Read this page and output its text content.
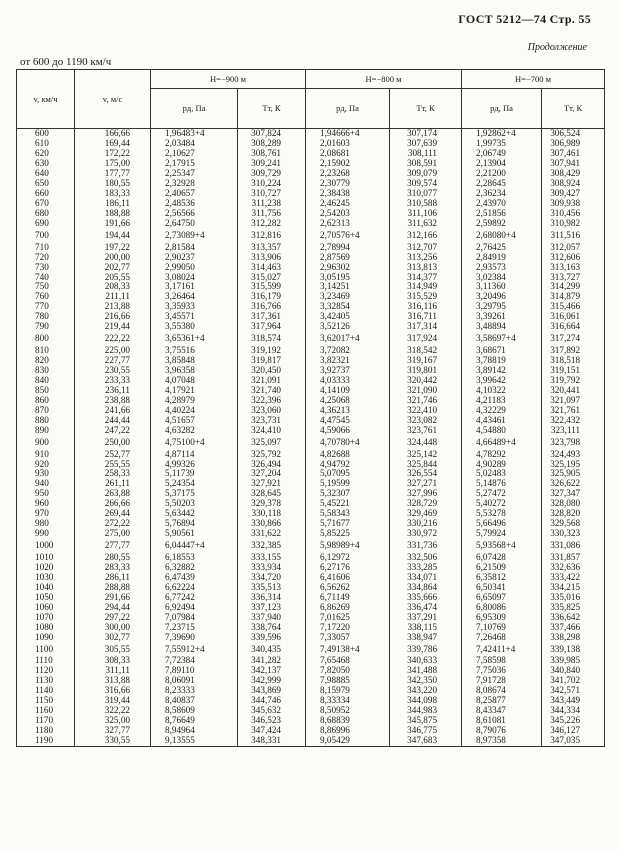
ГОСТ 5212—74 Стр. 55
Продолжение
от 600 до 1190 км/ч
v, км/ч	v, м/с	H=−900 м		H=−800 м		H=−700 м	
		pд, Па	Tт, К	pд, Па	Tт, К	pд, Па	Tт, К
600	166,66	1,96483+4	307,824	1,94666+4	307,174	1,92862+4	306,524
610	169,44	2,03484	308,289	2,01603	307,639	1,99735	306,989
620	172,22	2,10627	308,761	2,08681	308,111	2,06749	307,461
630	175,00	2,17915	309,241	2,15902	308,591	2,13904	307,941
640	177,77	2,25347	309,729	2,23268	309,079	2,21200	308,429
650	180,55	2,32928	310,224	2,30779	309,574	2,28645	308,924
660	183,33	2,40657	310,727	2,38438	310,077	2,36234	309,427
670	186,11	2,48536	311,238	2,46245	310,588	2,43970	309,938
680	188,88	2,56566	311,756	2,54203	311,106	2,51856	310,456
690	191,66	2,64750	312,282	2,62313	311,632	2,59892	310,982
700	194,44	2,73089+4	312,816	2,70576+4	312,166	2,68080+4	311,516
710	197,22	2,81584	313,357	2,78994	312,707	2,76425	312,057
720	200,00	2,90237	313,906	2,87569	313,256	2,84919	312,606
730	202,77	2,99050	314,463	2,96302	313,813	2,93573	313,163
740	205,55	3,08024	315,027	3,05195	314,377	3,02384	313,727
750	208,33	3,17161	315,599	3,14251	314,949	3,11360	314,299
760	211,11	3,26464	316,179	3,23469	315,529	3,20496	314,879
770	213,88	3,35933	316,766	3,32854	316,116	3,29795	315,466
780	216,66	3,45571	317,361	3,42405	316,711	3,39261	316,061
790	219,44	3,55380	317,964	3,52126	317,314	3,48894	316,664
800	222,22	3,65361+4	318,574	3,62017+4	317,924	3,58697+4	317,274
810	225,00	3,75516	319,192	3,72082	318,542	3,68671	317,892
820	227,77	3,85848	319,817	3,82321	319,167	3,78819	318,518
830	230,55	3,96358	320,450	3,92737	319,801	3,89142	319,151
840	233,33	4,07048	321,091	4,03333	320,442	3,99642	319,792
850	236,11	4,17921	321,740	4,14109	321,090	4,10322	320,441
860	238,88	4,28979	322,396	4,25068	321,746	4,21183	321,097
870	241,66	4,40224	323,060	4,36213	322,410	4,32229	321,761
880	244,44	4,51657	323,731	4,47545	323,082	4,43461	322,432
890	247,22	4,63282	324,410	4,59066	323,761	4,54880	323,111
900	250,00	4,75100+4	325,097	4,70780+4	324,448	4,66489+4	323,798
910	252,77	4,87114	325,792	4,82688	325,142	4,78292	324,493
920	255,55	4,99326	326,494	4,94792	325,844	4,90289	325,195
930	258,33	5,11739	327,204	5,07095	326,554	5,02483	325,905
940	261,11	5,24354	327,921	5,19599	327,271	5,14876	326,622
950	263,88	5,37175	328,645	5,32307	327,996	5,27472	327,347
960	266,66	5,50203	329,378	5,45221	328,729	5,40272	328,080
970	269,44	5,63442	330,118	5,58343	329,469	5,53278	328,820
980	272,22	5,76894	330,866	5,71677	330,216	5,66496	329,568
990	275,00	5,90561	331,622	5,85225	330,972	5,79924	330,323
1000	277,77	6,04447+4	332,385	5,98989+4	331,736	5,93568+4	331,086
1010	280,55	6,18553	333,155	6,12972	332,506	6,07428	331,857
1020	283,33	6,32882	333,934	6,27176	333,285	6,21509	332,636
1030	286,11	6,47439	334,720	6,41606	334,071	6,35812	333,422
1040	288,88	6,62224	335,513	6,56262	334,864	6,50341	334,215
1050	291,66	6,77242	336,314	6,71149	335,666	6,65097	335,016
1060	294,44	6,92494	337,123	6,86269	336,474	6,80086	335,825
1070	297,22	7,07984	337,940	7,01625	337,291	6,95309	336,642
1080	300,00	7,23715	338,764	7,17220	338,115	7,10769	337,466
1090	302,77	7,39690	339,596	7,33057	338,947	7,26468	338,298
1100	305,55	7,55912+4	340,435	7,49138+4	339,786	7,42411+4	339,138
1110	308,33	7,72384	341,282	7,65468	340,633	7,58598	339,985
1120	311,11	7,89110	342,137	7,82050	341,488	7,75036	340,840
1130	313,88	8,06091	342,999	7,98885	342,350	7,91728	341,702
1140	316,66	8,23333	343,869	8,15979	343,220	8,08674	342,571
1150	319,44	8,40837	344,746	8,33334	344,098	8,25877	343,449
1160	322,22	8,58609	345,632	8,50952	344,983	8,43347	344,334
1170	325,00	8,76649	346,523	8,68839	345,875	8,61081	345,226
1180	327,77	8,94964	347,424	8,86996	346,775	8,79076	346,127
1190	330,55	9,13555	348,331	9,05429	347,683	8,97358	347,035
